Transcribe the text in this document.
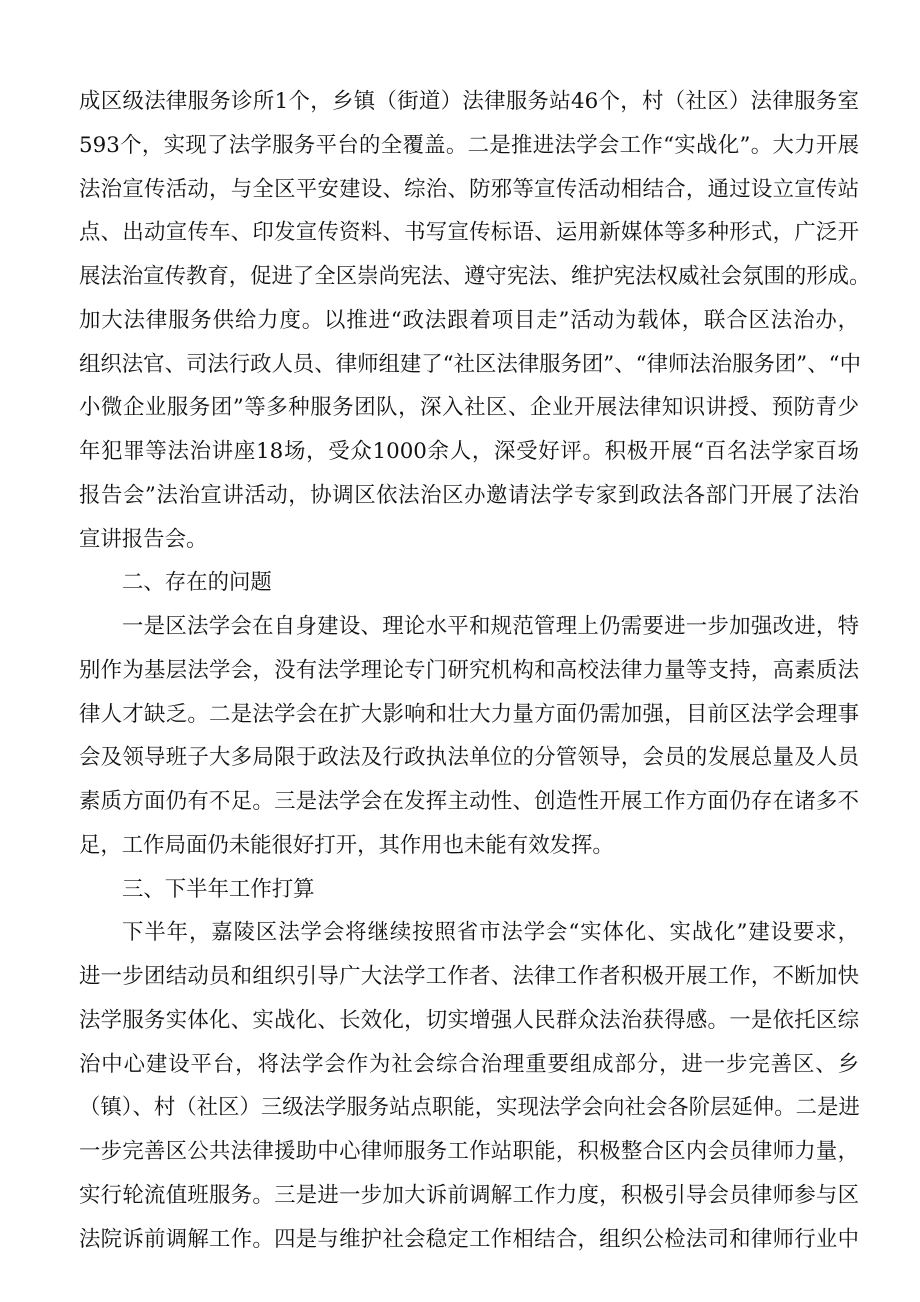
成区级法律服务诊所1个，乡镇（街道）法律服务站46个，村（社区）法律服务室
593个，实现了法学服务平台的全覆盖。二是推进法学会工作“实战化”。大力开展
法治宣传活动，与全区平安建设、综治、防邪等宣传活动相结合，通过设立宣传站
点、出动宣传车、印发宣传资料、书写宣传标语、运用新媒体等多种形式，广泛开
展法治宣传教育，促进了全区崇尚宪法、遵守宪法、维护宪法权威社会氛围的形成。
加大法律服务供给力度。以推进“政法跟着项目走”活动为载体，联合区法治办，
组织法官、司法行政人员、律师组建了“社区法律服务团”、“律师法治服务团”、“中
小微企业服务团”等多种服务团队，深入社区、企业开展法律知识讲授、预防青少
年犯罪等法治讲座18场，受众1000余人，深受好评。积极开展“百名法学家百场
报告会”法治宣讲活动，协调区依法治区办邀请法学专家到政法各部门开展了法治
宣讲报告会。
二、存在的问题
一是区法学会在自身建设、理论水平和规范管理上仍需要进一步加强改进，特
别作为基层法学会，没有法学理论专门研究机构和高校法律力量等支持，高素质法
律人才缺乏。二是法学会在扩大影响和壮大力量方面仍需加强，目前区法学会理事
会及领导班子大多局限于政法及行政执法单位的分管领导，会员的发展总量及人员
素质方面仍有不足。三是法学会在发挥主动性、创造性开展工作方面仍存在诸多不
足，工作局面仍未能很好打开，其作用也未能有效发挥。
三、下半年工作打算
下半年，嘉陵区法学会将继续按照省市法学会“实体化、实战化”建设要求，
进一步团结动员和组织引导广大法学工作者、法律工作者积极开展工作，不断加快
法学服务实体化、实战化、长效化，切实增强人民群众法治获得感。一是依托区综
治中心建设平台，将法学会作为社会综合治理重要组成部分，进一步完善区、乡
（镇）、村（社区）三级法学服务站点职能，实现法学会向社会各阶层延伸。二是进
一步完善区公共法律援助中心律师服务工作站职能，积极整合区内会员律师力量，
实行轮流值班服务。三是进一步加大诉前调解工作力度，积极引导会员律师参与区
法院诉前调解工作。四是与维护社会稳定工作相结合，组织公检法司和律师行业中
